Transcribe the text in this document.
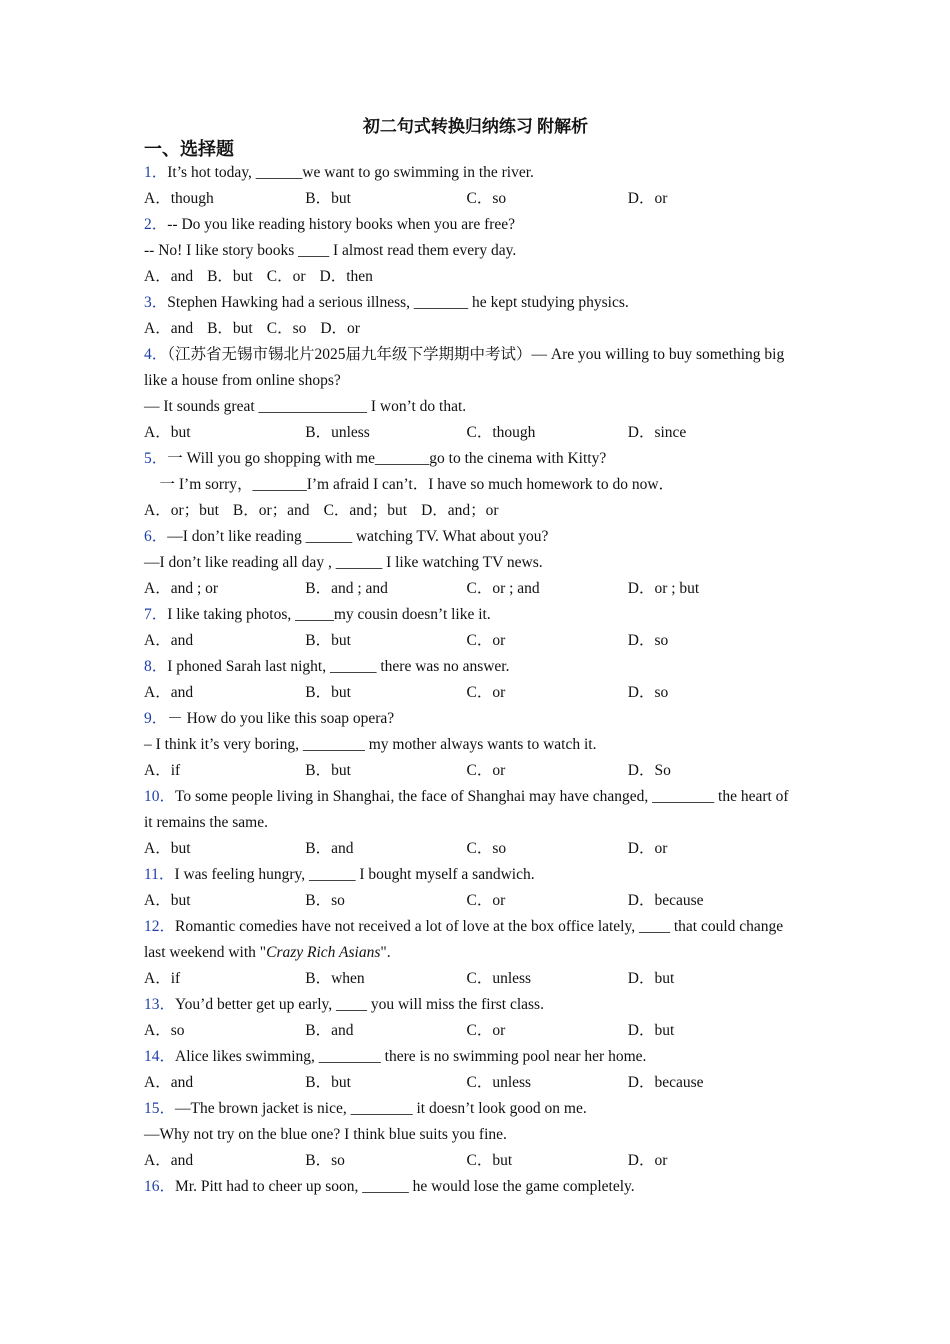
初二句式转换归纳练习 附解析
一、选择题
1．It’s hot today, ______we want to go swimming in the river.
A．though	B．but	C．so	D．or
2．-- Do you like reading history books when you are free?
-- No! I like story books ____ I almost read them every day.
A．and B．but C．or D．then
3．Stephen Hawking had a serious illness, _______ he kept studying physics.
A．and B．but C．so D．or
4．（江苏省无锡市锡北片2025届九年级下学期期中考试）— Are you willing to buy something big like a house from online shops?
— It sounds great ______________ I won’t do that.
A．but	B．unless	C．though	D．since
5．一 Will you go shopping with me_______go to the cinema with Kitty?
　一 I’m sorry，_______I’m afraid I can’t．I have so much homework to do now．
A．or；but B．or；and C．and；but D．and；or
6．—I don’t like reading ______ watching TV. What about you?
—I don’t like reading all day , ______ I like watching TV news.
A．and ; or	B．and ; and	C．or ; and	D．or ; but
7．I like taking photos, _____my cousin doesn’t like it.
A．and	B．but	C．or	D．so
8．I phoned Sarah last night, ______ there was no answer.
A．and	B．but	C．or	D．so
9．－ How do you like this soap opera?
– I think it’s very boring, ________ my mother always wants to watch it.
A．if	B．but	C．or	D．So
10．To some people living in Shanghai, the face of Shanghai may have changed, ________ the heart of it remains the same.
A．but	B．and	C．so	D．or
11．I was feeling hungry, ______ I bought myself a sandwich.
A．but	B．so	C．or	D．because
12．Romantic comedies have not received a lot of love at the box office lately, ____ that could change last weekend with "Crazy Rich Asians".
A．if	B．when	C．unless	D．but
13．You’d better get up early, ____ you will miss the first class.
A．so	B．and	C．or	D．but
14．Alice likes swimming, ________ there is no swimming pool near her home.
A．and	B．but	C．unless	D．because
15．—The brown jacket is nice, ________ it doesn’t look good on me.
—Why not try on the blue one? I think blue suits you fine.
A．and	B．so	C．but	D．or
16．Mr. Pitt had to cheer up soon, ______ he would lose the game completely.
